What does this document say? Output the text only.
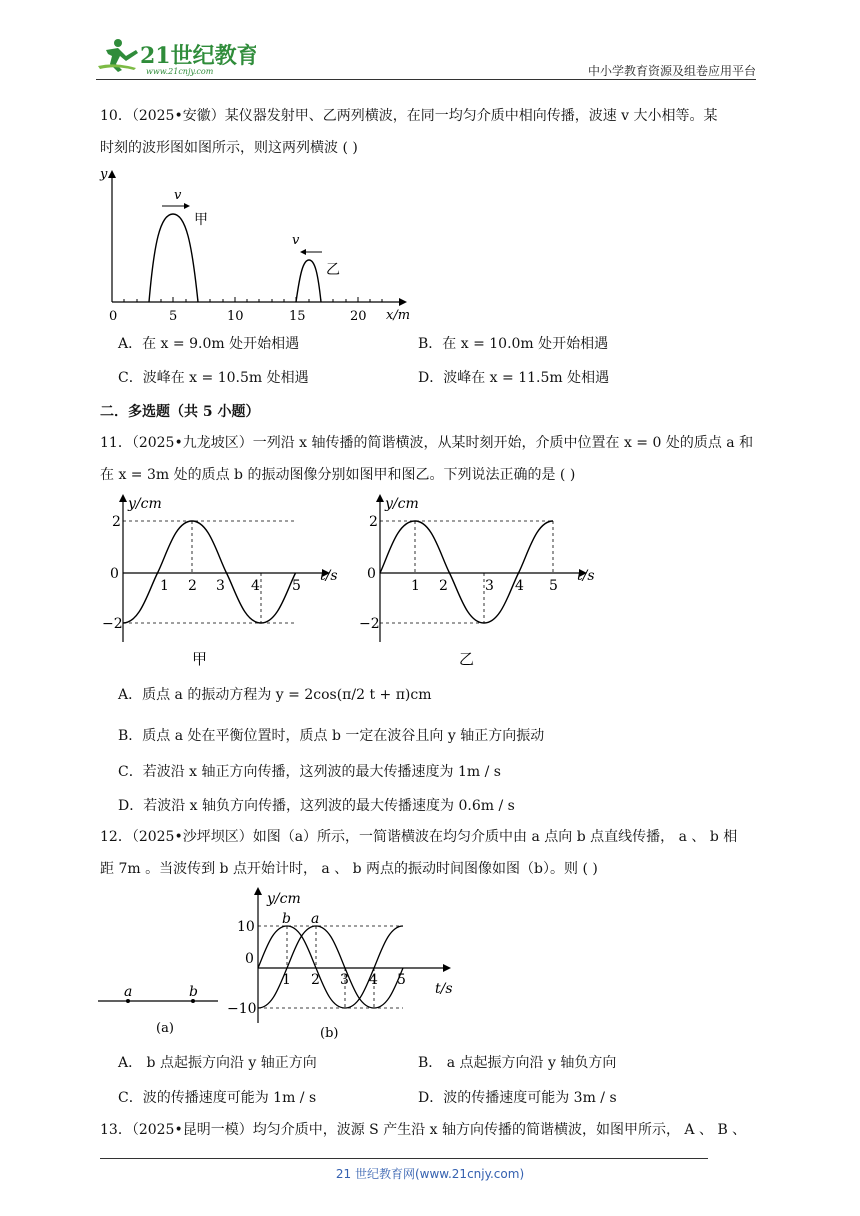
21世纪教育
www.21cnjy.com	中小学教育资源及组卷应用平台
10．（2025•安徽）某仪器发射甲、乙两列横波，在同一均匀介质中相向传播，波速 v 大小相等。某
时刻的波形图如图所示，则这两列横波 ( )
y
x/m
0	5	10	15	20
v
甲
v
乙
A．在 x = 9.0m 处开始相遇	B．在 x = 10.0m 处开始相遇
C．波峰在 x = 10.5m 处相遇	D．波峰在 x = 11.5m 处相遇
二．多选题（共 5 小题）
11．（2025•九龙坡区）一列沿 x 轴传播的简谐横波，从某时刻开始，介质中位置在 x = 0 处的质点 a 和
在 x = 3m 处的质点 b 的振动图像分别如图甲和图乙。下列说法正确的是 ( )
y/cm
t/s
2
0
−2
1 2 3 4 5
甲
y/cm
t/s
2
0
−2
1 2	3 4 5
乙
A．质点 a 的振动方程为 y = 2cos(π/2 t + π)cm
B．质点 a 处在平衡位置时，质点 b 一定在波谷且向 y 轴正方向振动
C．若波沿 x 轴正方向传播，这列波的最大传播速度为 1m / s
D．若波沿 x 轴负方向传播，这列波的最大传播速度为 0.6m / s
12．（2025•沙坪坝区）如图（a）所示，一简谐横波在均匀介质中由 a 点向 b 点直线传播， a 、 b 相
距 7m 。当波传到 b 点开始计时， a 、 b 两点的振动时间图像如图（b）。则 ( )
a	b
(a)
y/cm
t/s
b a
10
0
−10
1 2 3 4 5
(b)
A． b 点起振方向沿 y 轴正方向	B． a 点起振方向沿 y 轴负方向
C．波的传播速度可能为 1m / s	D．波的传播速度可能为 3m / s
13．（2025•昆明一模）均匀介质中，波源 S 产生沿 x 轴方向传播的简谐横波，如图甲所示， A 、 B 、
21 世纪教育网(www.21cnjy.com)
